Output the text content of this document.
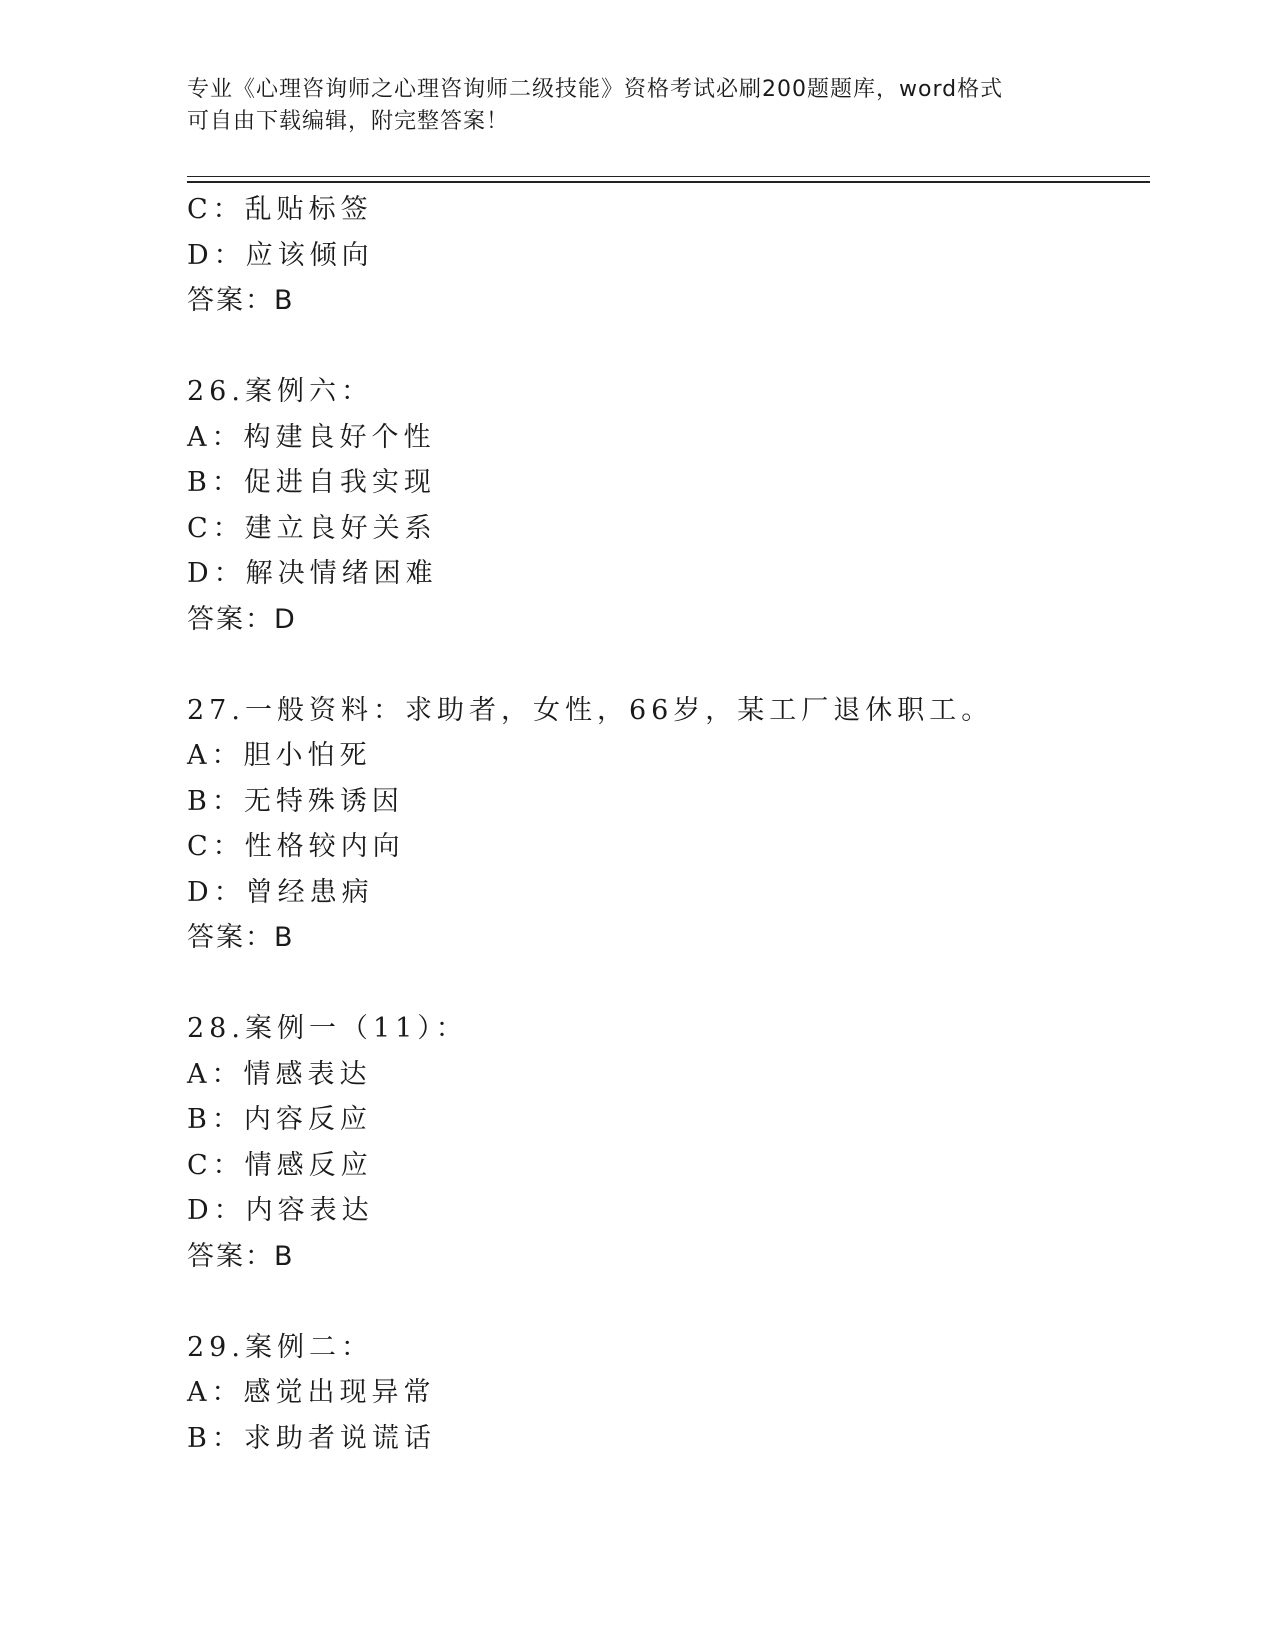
专业《心理咨询师之心理咨询师二级技能》资格考试必刷200题题库，word格式
可自由下载编辑，附完整答案！
C：乱贴标签
D：应该倾向
答案：B
26.案例六：
A：构建良好个性
B：促进自我实现
C：建立良好关系
D：解决情绪困难
答案：D
27.一般资料：求助者，女性，66岁，某工厂退休职工。
A：胆小怕死
B：无特殊诱因
C：性格较内向
D：曾经患病
答案：B
28.案例一（11）：
A：情感表达
B：内容反应
C：情感反应
D：内容表达
答案：B
29.案例二：
A：感觉出现异常
B：求助者说谎话
